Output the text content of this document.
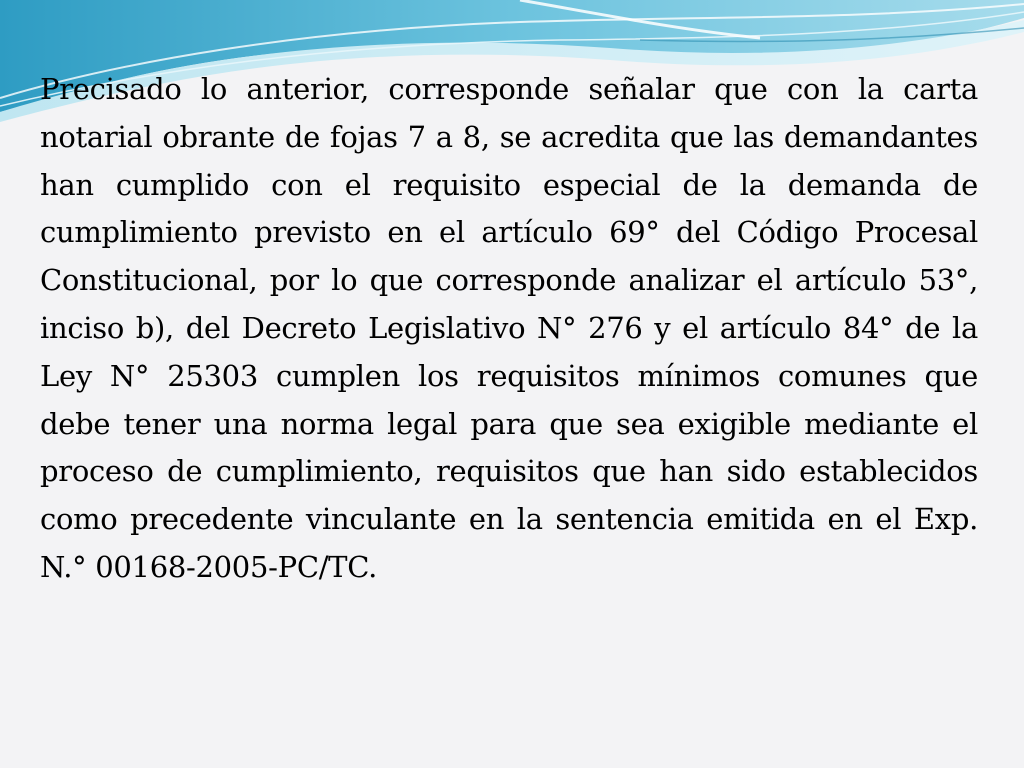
Precisado lo anterior, corresponde señalar que con la carta notarial obrante de fojas 7 a 8, se acredita que las demandantes han cumplido con el requisito especial de la demanda de cumplimiento previsto en el artículo 69° del Código Procesal Constitucional, por lo que corresponde analizar el artículo 53°, inciso b), del Decreto Legislativo N° 276 y el artículo 84° de la Ley N° 25303 cumplen los requisitos mínimos comunes que debe tener una norma legal para que sea exigible mediante el proceso de cumplimiento, requisitos que han sido establecidos como precedente vinculante en la sentencia emitida en el Exp. N.° 00168-2005-PC/TC.
